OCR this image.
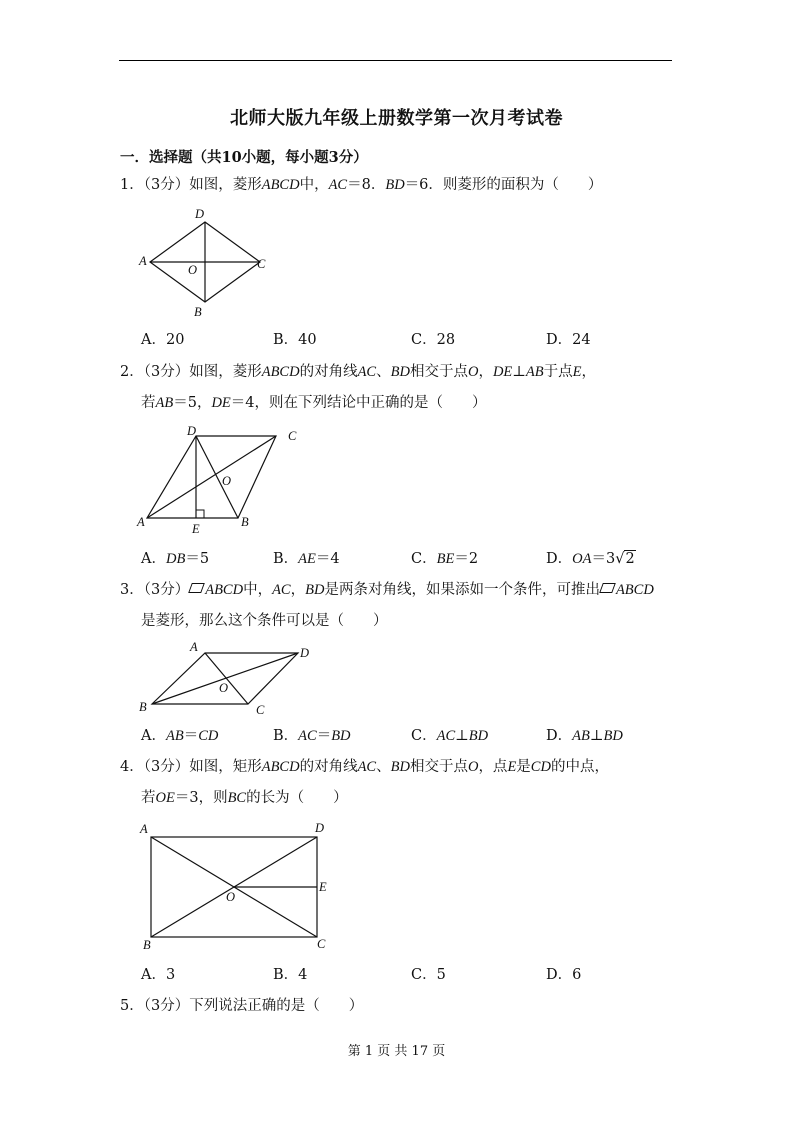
北师大版九年级上册数学第一次月考试卷
一．选择题（共10小题，每小题3分）
1．（3分）如图，菱形ABCD中，AC＝8．BD＝6．则菱形的面积为（　　）
D
A
O	C
B
A．20	B．40	C．28	D．24
2．（3分）如图，菱形ABCD的对角线AC、BD相交于点O，DE⊥AB于点E，
若AB＝5，DE＝4，则在下列结论中正确的是（　　）
D	C
O
A	E	B
A．DB＝5	B．AE＝4	C．BE＝2	D．OA＝3√2
3．（3分） ABCD中，AC，BD是两条对角线，如果添如一个条件，可推出 ABCD
是菱形，那么这个条件可以是（　　）
A	D
O
B	C
A．AB＝CD	B．AC＝BD	C．AC⊥BD	D．AB⊥BD
4．（3分）如图，矩形ABCD的对角线AC、BD相交于点O，点E是CD的中点，
若OE＝3，则BC的长为（　　）
A	D
E
O
B	C
A．3	B．4	C．5	D．6
5．（3分）下列说法正确的是（　　）
第 1 页 共 17 页
